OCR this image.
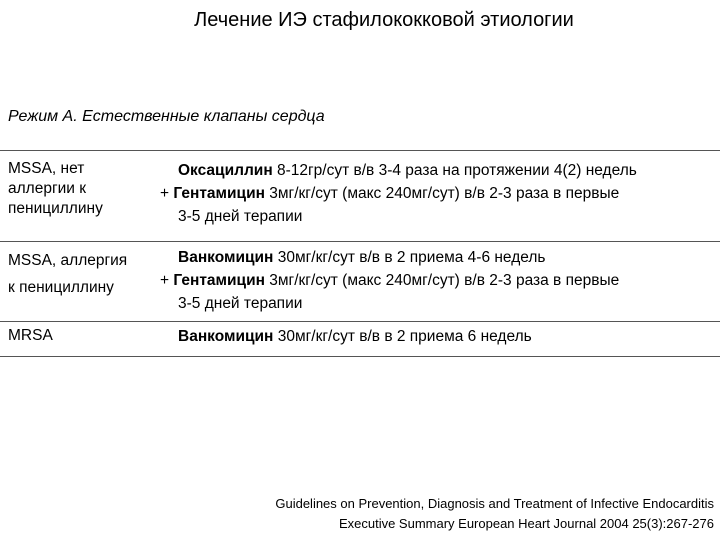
Лечение ИЭ стафилококковой этиологии
Режим А. Естественные клапаны сердца
MSSA, нет
аллергии к
пенициллину
Оксациллин 8-12гр/сут в/в 3-4 раза на протяжении 4(2) недель
+ Гентамицин 3мг/кг/сут (макс 240мг/сут) в/в 2-3 раза в первые
3-5 дней терапии
MSSA, аллергия
к пенициллину
Ванкомицин 30мг/кг/сут в/в в 2 приема 4-6 недель
+ Гентамицин 3мг/кг/сут (макс 240мг/сут) в/в 2-3 раза в первые
3-5 дней терапии
MRSA	Ванкомицин 30мг/кг/сут в/в в 2 приема 6 недель
Guidelines on Prevention, Diagnosis and Treatment of Infective Endocarditis
Executive Summary European Heart Journal 2004 25(3):267-276
